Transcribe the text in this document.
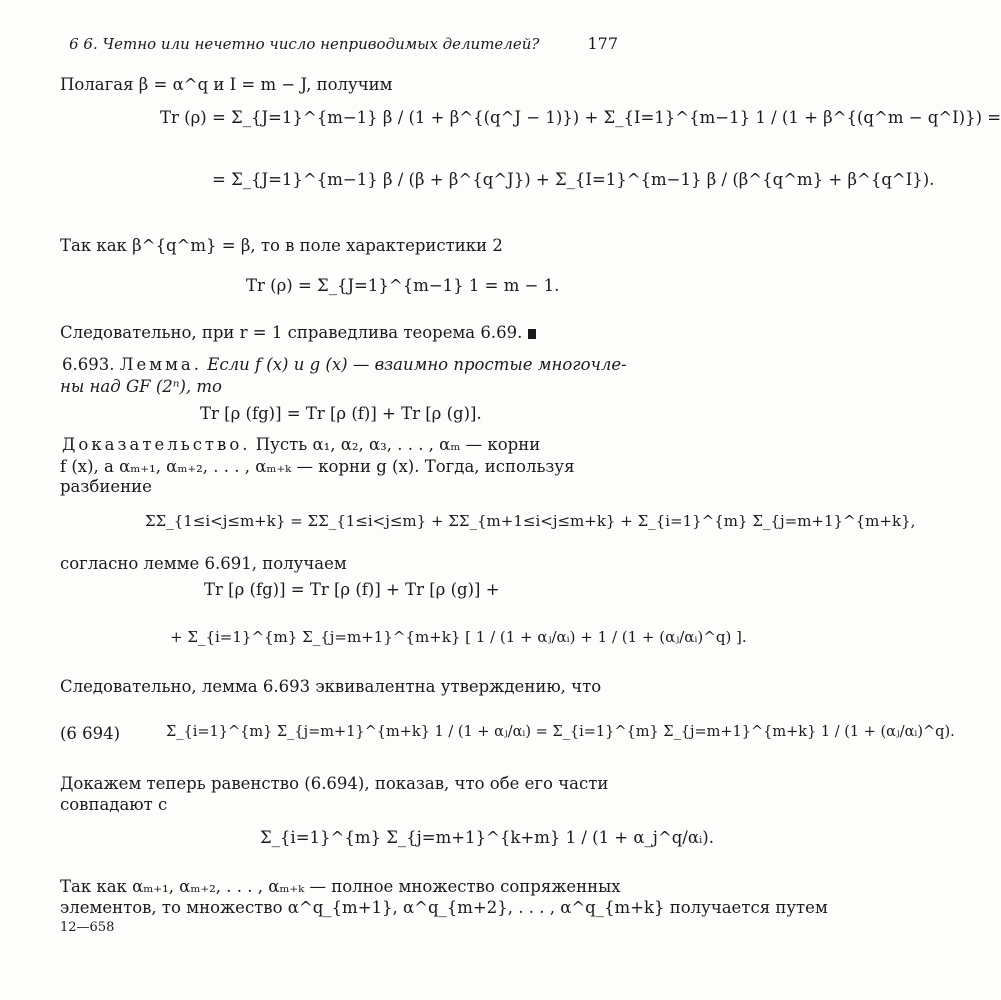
6 6. Четно или нечетно число неприводимых делителей?	177
Полагая β = α^q и I = m − J, получим
Tr (ρ) = Σ_{J=1}^{m−1} β / (1 + β^{(q^J − 1)}) + Σ_{I=1}^{m−1} 1 / (1 + β^{(q^m − q^I)}) =
= Σ_{J=1}^{m−1} β / (β + β^{q^J}) + Σ_{I=1}^{m−1} β / (β^{q^m} + β^{q^I}).
Так как β^{q^m} = β, то в поле характеристики 2
Tr (ρ) = Σ_{J=1}^{m−1} 1 = m − 1.
Следовательно, при r = 1 справедлива теорема 6.69.
6.693. Лемма. Если f (x) и g (x) — взаимно простые многочле-
ны над GF (2ⁿ), то
Tr [ρ (fg)] = Tr [ρ (f)] + Tr [ρ (g)].
Доказательство. Пусть α₁, α₂, α₃, . . . , αₘ — корни
f (x), а αₘ₊₁, αₘ₊₂, . . . , αₘ₊ₖ — корни g (x). Тогда, используя
разбиение
ΣΣ_{1≤i<j≤m+k} = ΣΣ_{1≤i<j≤m} + ΣΣ_{m+1≤i<j≤m+k} + Σ_{i=1}^{m} Σ_{j=m+1}^{m+k},
согласно лемме 6.691, получаем
Tr [ρ (fg)] = Tr [ρ (f)] + Tr [ρ (g)] +
+ Σ_{i=1}^{m} Σ_{j=m+1}^{m+k} [ 1 / (1 + αⱼ/αᵢ) + 1 / (1 + (αⱼ/αᵢ)^q) ].
Следовательно, лемма 6.693 эквивалентна утверждению, что
(6 694)	Σ_{i=1}^{m} Σ_{j=m+1}^{m+k} 1 / (1 + αⱼ/αᵢ) = Σ_{i=1}^{m} Σ_{j=m+1}^{m+k} 1 / (1 + (αⱼ/αᵢ)^q).
Докажем теперь равенство (6.694), показав, что обе его части
совпадают с
Σ_{i=1}^{m} Σ_{j=m+1}^{k+m} 1 / (1 + α_j^q/αᵢ).
Так как αₘ₊₁, αₘ₊₂, . . . , αₘ₊ₖ — полное множество сопряженных
элементов, то множество α^q_{m+1}, α^q_{m+2}, . . . , α^q_{m+k} получается путем
12—658
